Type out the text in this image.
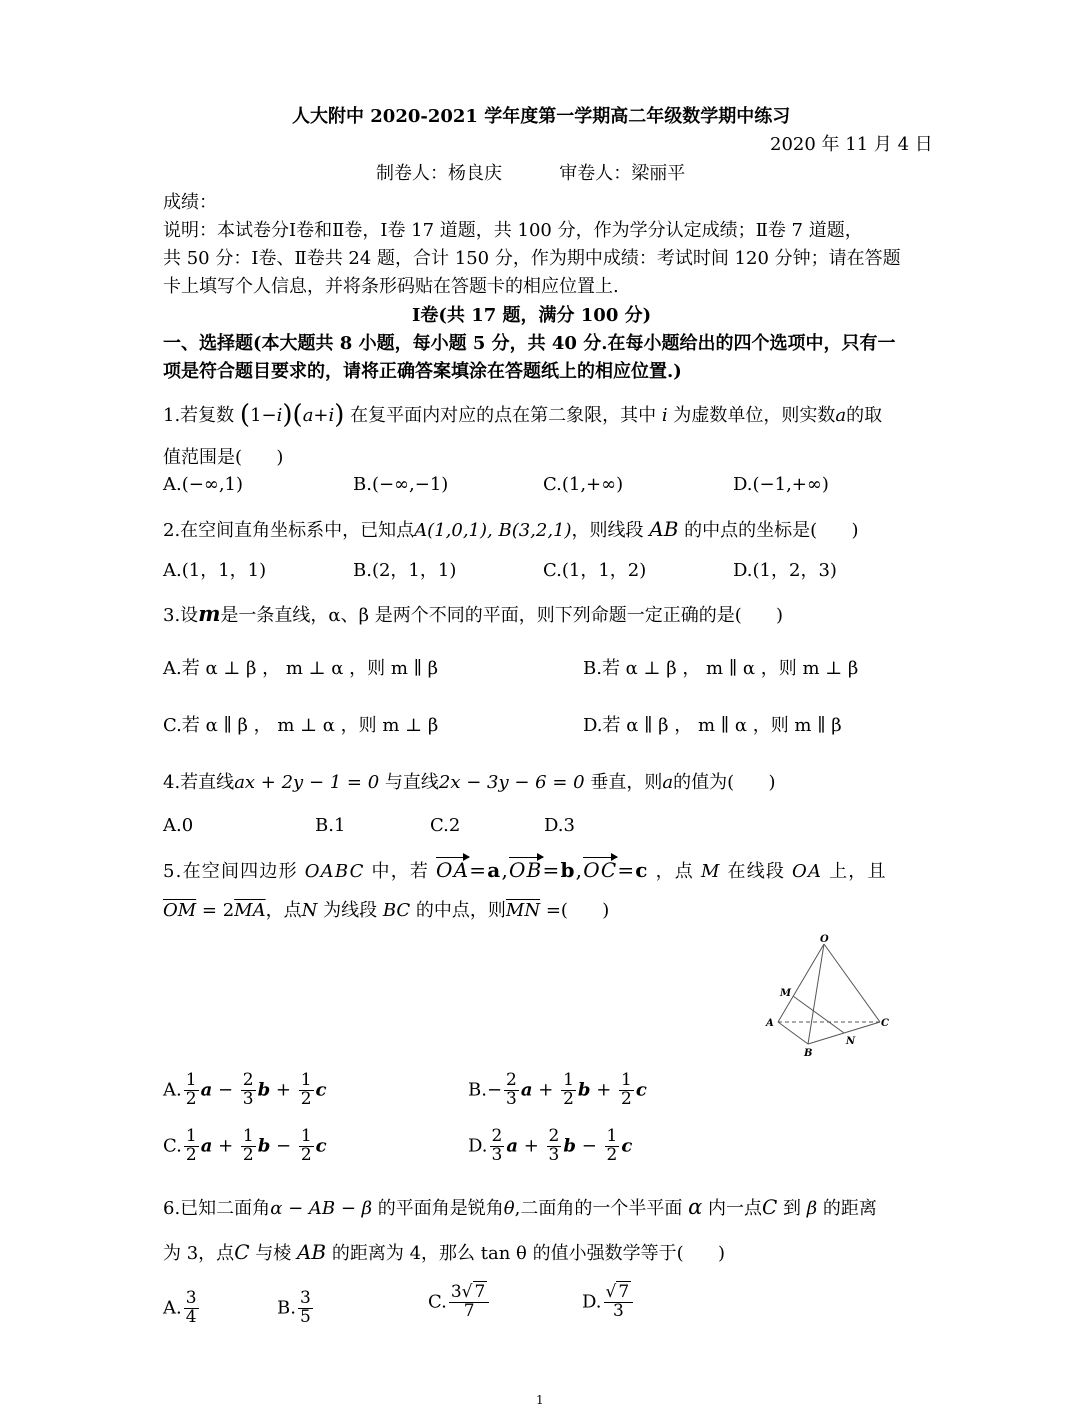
人大附中 2020-2021 学年度第一学期高二年级数学期中练习
2020 年 11 月 4 日
制卷人：杨良庆          审卷人：梁丽平
成绩：
说明：本试卷分Ⅰ卷和Ⅱ卷，Ⅰ卷 17 道题，共 100 分，作为学分认定成绩；Ⅱ卷 7 道题，
共 50 分：Ⅰ卷、Ⅱ卷共 24 题，合计 150 分，作为期中成绩：考试时间 120 分钟；请在答题
卡上填写个人信息，并将条形码贴在答题卡的相应位置上.
Ⅰ卷(共 17 题，满分 100 分)
一、选择题(本大题共 8 小题，每小题 5 分，共 40 分.在每小题给出的四个选项中，只有一
项是符合题目要求的，请将正确答案填涂在答题纸上的相应位置.)
1.若复数 (1−i)(a+i) 在复平面内对应的点在第二象限，其中 i 为虚数单位，则实数a的取
值范围是(      )
A.(−∞,1)	B.(−∞,−1)	C.(1,+∞)	D.(−1,+∞)
2.在空间直角坐标系中，已知点A(1,0,1), B(3,2,1)，则线段 AB 的中点的坐标是(      )
A.(1，1，1)	B.(2，1，1)	C.(1，1，2)	D.(1，2，3)
3.设m是一条直线，α、β 是两个不同的平面，则下列命题一定正确的是(      )
A.若 α ⊥ β ， m ⊥ α ，则 m ∥ β	B.若 α ⊥ β ， m ∥ α ，则 m ⊥ β
C.若 α ∥ β ， m ⊥ α ，则 m ⊥ β	D.若 α ∥ β ， m ∥ α ，则 m ∥ β
4.若直线ax + 2y − 1 = 0 与直线2x − 3y − 6 = 0 垂直，则a的值为(      )
A.0	B.1	C.2	D.3
5.在空间四边形 OABC 中，若 OA=a,OB=b,OC=c ，点 M 在线段 OA 上，且
$\overline{OM} = 2\overline{MA}$，点N 为线段 BC 的中点，则$\overline{MN}$ =(      )
O
M
A
B
C
N
A. $\frac{1}{2}$ $a - \frac{2}{3}$ $b + \frac{1}{2}$ c	$B.- \frac{2}{3}$ $a + \frac{1}{2}$ $b + \frac{1}{2}$ c
C. $\frac{1}{2}$ $a + \frac{1}{2}$ $b - \frac{1}{2}$ c	D. $\frac{2}{3}$ $a + \frac{2}{3}$ $b - \frac{1}{2}$ c
6.已知二面角α − AB − β 的平面角是锐角θ,二面角的一个半平面 α 内一点C 到 β 的距离
为 3，点C 与棱 AB 的距离为 4，那么 tan θ 的值小强数学等于(      )
A. $\frac{3}{4}$	B. $\frac{3}{5}$	C. $\frac{3√ 7}{7}$	D. $\frac{√ 7}{3}$
1
